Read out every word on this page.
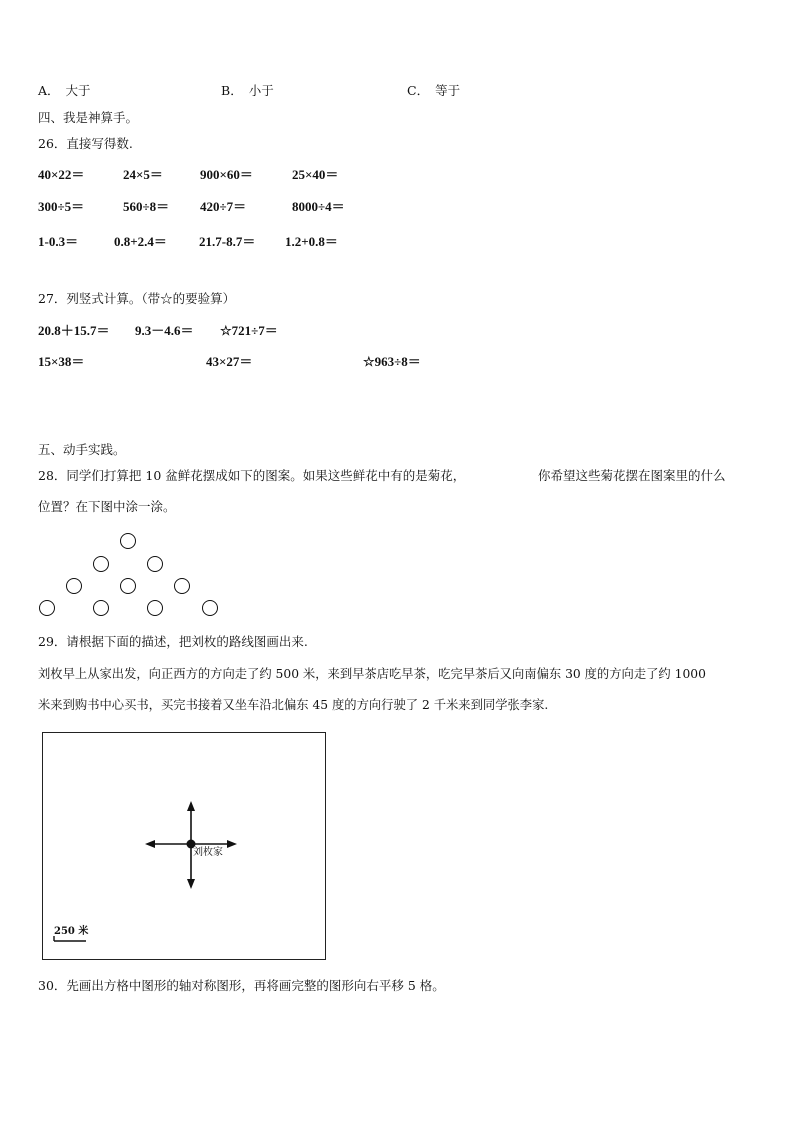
A． 大于	B． 小于	C． 等于
四、我是神算手。
26．直接写得数.
40×22＝	24×5＝	900×60＝	25×40＝
300÷5＝	560÷8＝ 420÷7＝	8000÷4＝
1-0.3＝	0.8+2.4＝ 21.7-8.7＝ 1.2+0.8＝
27．列竖式计算。（带☆的要验算）
20.8＋15.7＝ 9.3－4.6＝ ☆721÷7＝
15×38＝	43×27＝	☆963÷8＝
五、动手实践。
28．同学们打算把 10 盆鲜花摆成如下的图案。如果这些鲜花中有的是菊花，	你希望这些菊花摆在图案里的什么
位置？在下图中涂一涂。
29．请根据下面的描述，把刘枚的路线图画出来.
刘枚早上从家出发，向正西方的方向走了约 500 米，来到早茶店吃早茶，吃完早茶后又向南偏东 30 度的方向走了约 1000
米来到购书中心买书，买完书接着又坐车沿北偏东 45 度的方向行驶了 2 千米来到同学张李家.
刘枚家
250 米
30．先画出方格中图形的轴对称图形，再将画完整的图形向右平移 5 格。
